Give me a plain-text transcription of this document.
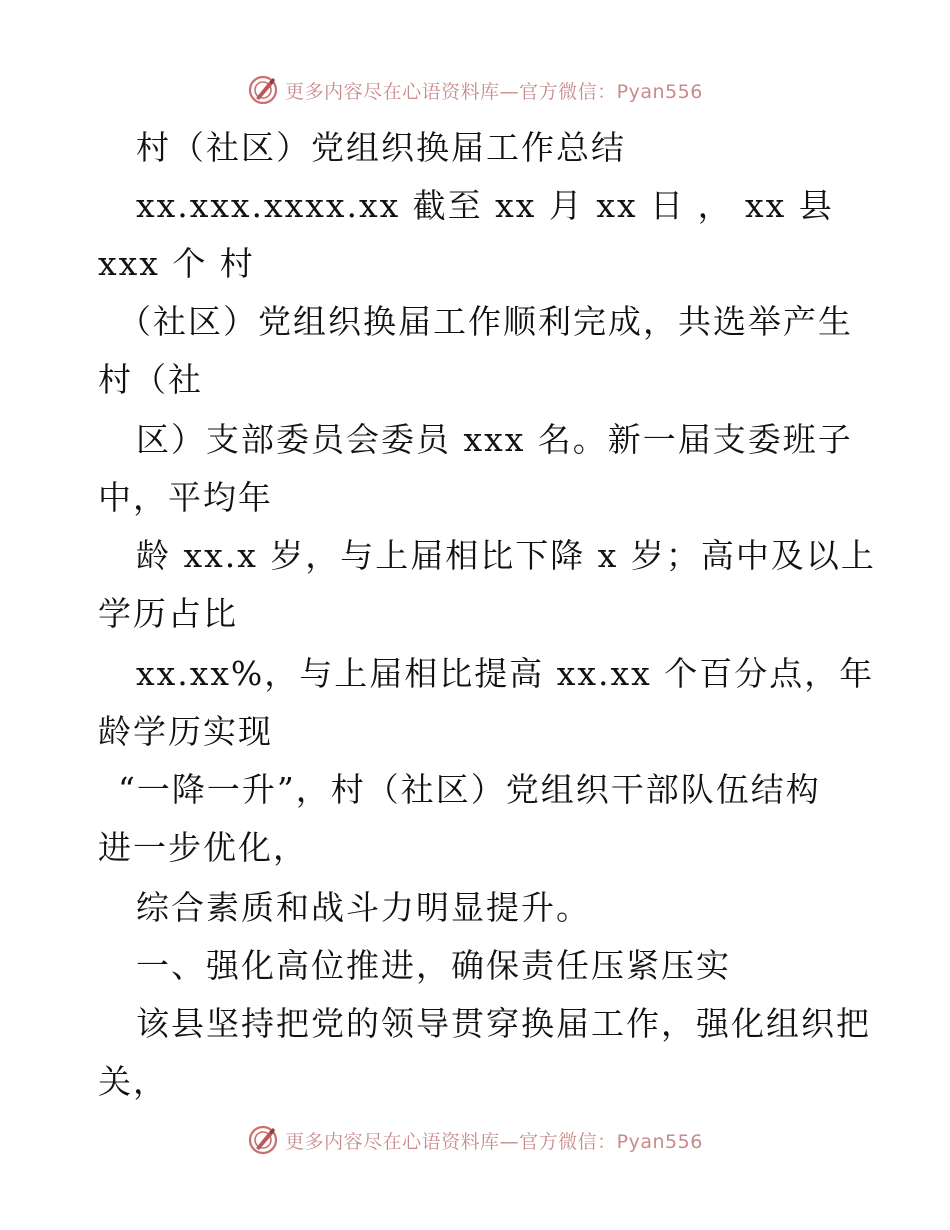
更多内容尽在心语资料库—官方微信：Pyan556
村（社区）党组织换届工作总结
xx.xxx.xxxx.xx 截至 xx 月 xx 日 ， xx 县
xxx 个 村
（社区）党组织换届工作顺利完成，共选举产生
村（社
区）支部委员会委员 xxx 名。新一届支委班子
中，平均年
龄 xx.x 岁，与上届相比下降 x 岁；高中及以上
学历占比
xx.xx%，与上届相比提高 xx.xx 个百分点，年
龄学历实现
“一降一升”，村（社区）党组织干部队伍结构
进一步优化，
综合素质和战斗力明显提升。
一、强化高位推进，确保责任压紧压实
该县坚持把党的领导贯穿换届工作，强化组织把
关，
更多内容尽在心语资料库—官方微信：Pyan556
